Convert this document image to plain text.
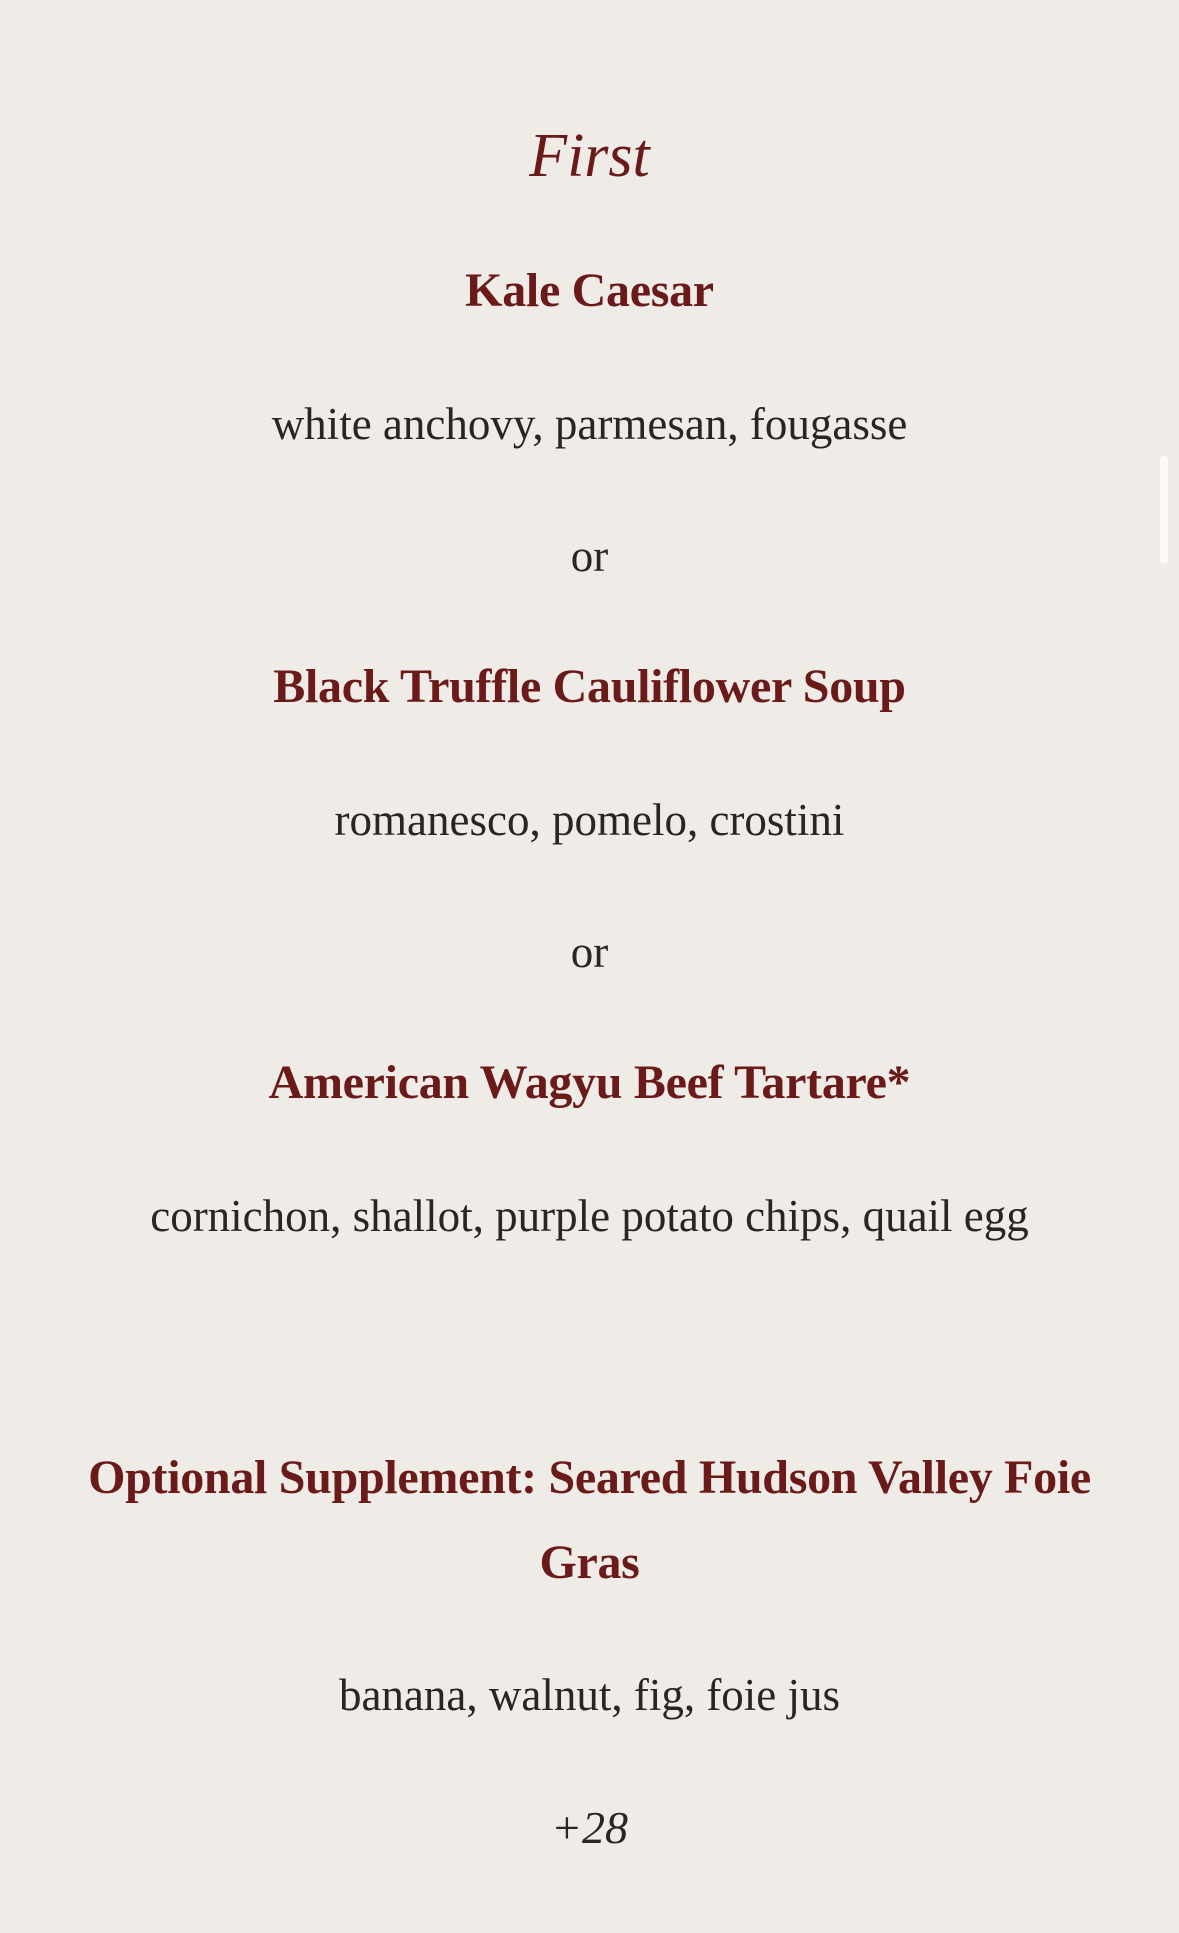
First
Kale Caesar
white anchovy, parmesan, fougasse
or
Black Truffle Cauliflower Soup
romanesco, pomelo, crostini
or
American Wagyu Beef Tartare*
cornichon, shallot, purple potato chips, quail egg
Optional Supplement: Seared Hudson Valley Foie
Gras
banana, walnut, fig, foie jus
+28
